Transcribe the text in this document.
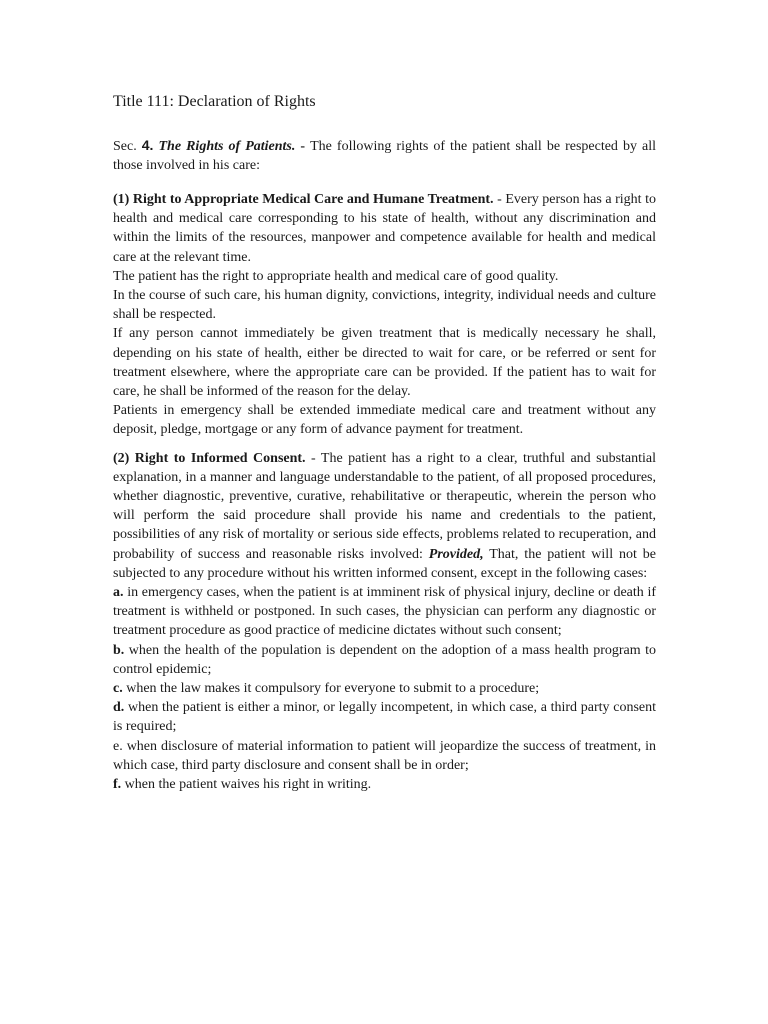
Title 111: Declaration of Rights

Sec. 4. The Rights of Patients. - The following rights of the patient shall be respected by all those involved in his care:

(1) Right to Appropriate Medical Care and Humane Treatment. - Every person has a right to health and medical care corresponding to his state of health, without any discrimination and within the limits of the resources, manpower and competence available for health and medical care at the relevant time.

The patient has the right to appropriate health and medical care of good quality.

In the course of such care, his human dignity, convictions, integrity, individual needs and culture shall be respected.

If any person cannot immediately be given treatment that is medically necessary he shall, depending on his state of health, either be directed to wait for care, or be referred or sent for treatment elsewhere, where the appropriate care can be provided. If the patient has to wait for care, he shall be informed of the reason for the delay.

Patients in emergency shall be extended immediate medical care and treatment without any deposit, pledge, mortgage or any form of advance payment for treatment.

(2) Right to Informed Consent. - The patient has a right to a clear, truthful and substantial explanation, in a manner and language understandable to the patient, of all proposed procedures, whether diagnostic, preventive, curative, rehabilitative or therapeutic, wherein the person who will perform the said procedure shall provide his name and credentials to the patient, possibilities of any risk of mortality or serious side effects, problems related to recuperation, and probability of success and reasonable risks involved: Provided, That, the patient will not be subjected to any procedure without his written informed consent, except in the following cases:

a. in emergency cases, when the patient is at imminent risk of physical injury, decline or death if treatment is withheld or postponed. In such cases, the physician can perform any diagnostic or treatment procedure as good practice of medicine dictates without such consent;

b. when the health of the population is dependent on the adoption of a mass health program to control epidemic;

c. when the law makes it compulsory for everyone to submit to a procedure;

d. when the patient is either a minor, or legally incompetent, in which case, a third party consent is required;

e. when disclosure of material information to patient will jeopardize the success of treatment, in which case, third party disclosure and consent shall be in order;

f. when the patient waives his right in writing.
